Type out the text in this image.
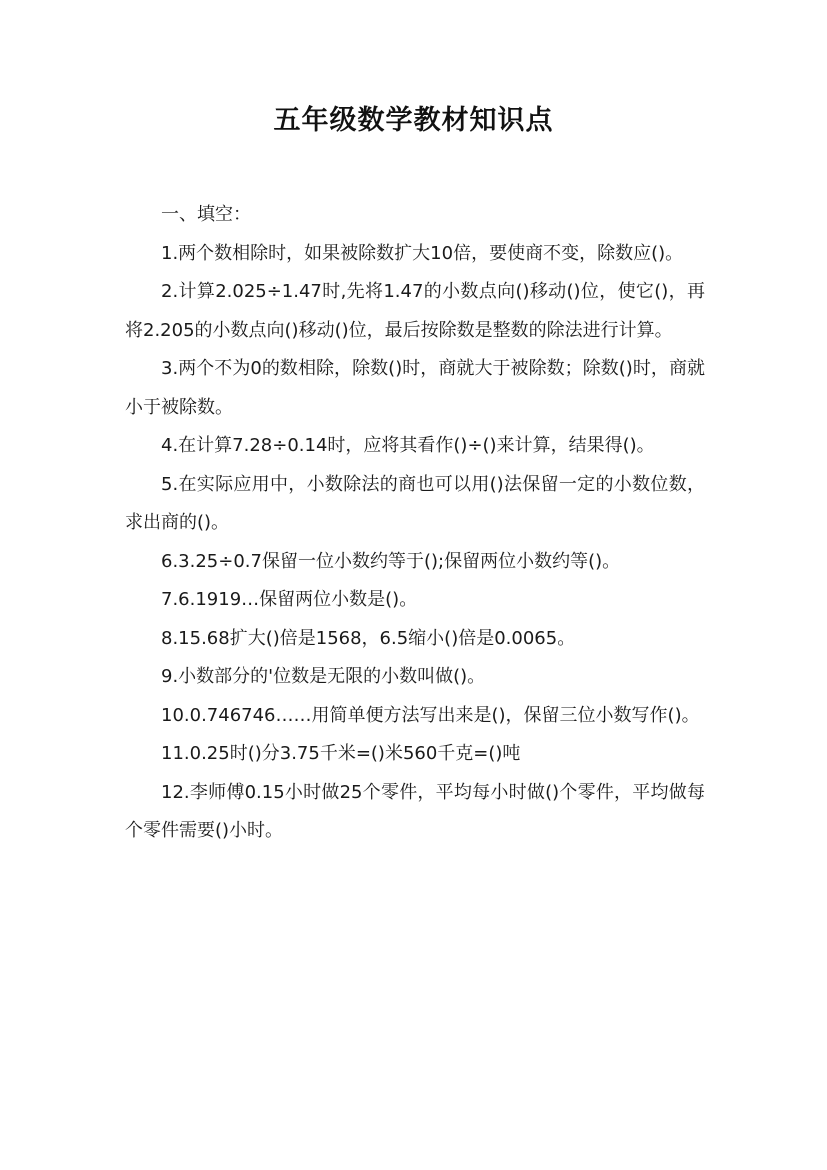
五年级数学教材知识点

一、填空：

1.两个数相除时，如果被除数扩大10倍，要使商不变，除数应()。

2.计算2.025÷1.47时,先将1.47的小数点向()移动()位，使它()，再将2.205的小数点向()移动()位，最后按除数是整数的除法进行计算。

3.两个不为0的数相除，除数()时，商就大于被除数；除数()时，商就小于被除数。

4.在计算7.28÷0.14时，应将其看作()÷()来计算，结果得()。

5.在实际应用中，小数除法的商也可以用()法保留一定的小数位数，求出商的()。

6.3.25÷0.7保留一位小数约等于();保留两位小数约等()。

7.6.1919…保留两位小数是()。

8.15.68扩大()倍是1568，6.5缩小()倍是0.0065。

9.小数部分的'位数是无限的小数叫做()。

10.0.746746……用简单便方法写出来是()，保留三位小数写作()。

11.0.25时()分3.75千米=()米560千克=()吨

12.李师傅0.15小时做25个零件，平均每小时做()个零件，平均做每个零件需要()小时。
